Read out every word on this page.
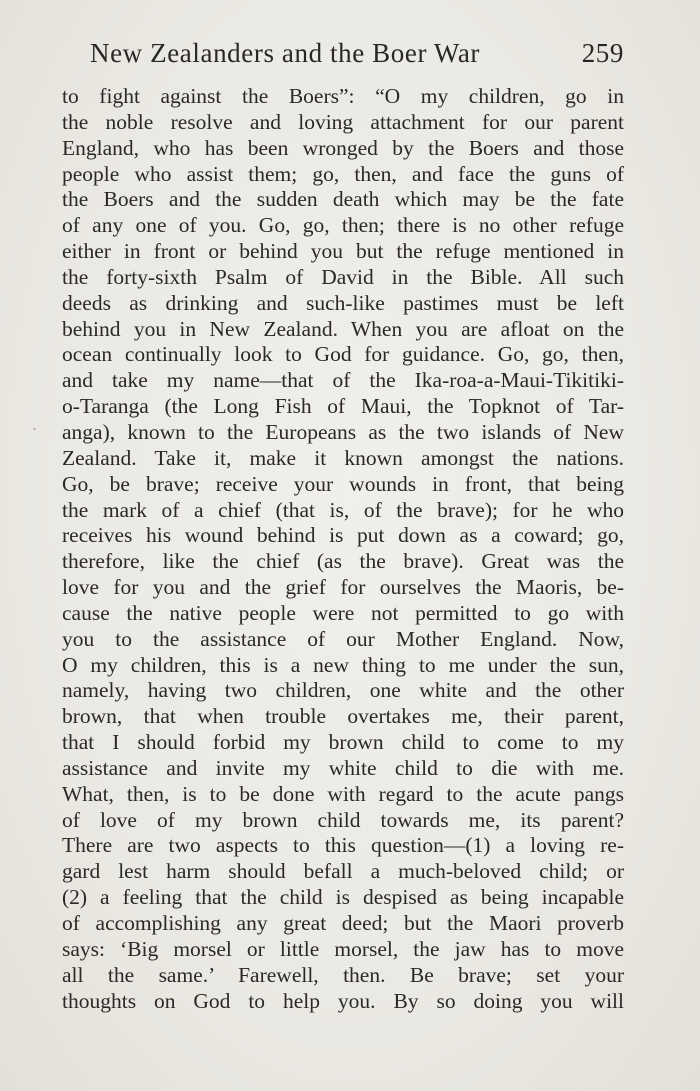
New Zealanders and the Boer War	259
to fight against the Boers”: “O my children, go in
the noble resolve and loving attachment for our parent
England, who has been wronged by the Boers and those
people who assist them; go, then, and face the guns of
the Boers and the sudden death which may be the fate
of any one of you. Go, go, then; there is no other refuge
either in front or behind you but the refuge mentioned in
the forty-sixth Psalm of David in the Bible. All such
deeds as drinking and such-like pastimes must be left
behind you in New Zealand. When you are afloat on the
ocean continually look to God for guidance. Go, go, then,
and take my name—that of the Ika-roa-a-Maui-Tikitiki-
o-Taranga (the Long Fish of Maui, the Topknot of Tar-
anga), known to the Europeans as the two islands of New
Zealand. Take it, make it known amongst the nations.
Go, be brave; receive your wounds in front, that being
the mark of a chief (that is, of the brave); for he who
receives his wound behind is put down as a coward; go,
therefore, like the chief (as the brave). Great was the
love for you and the grief for ourselves the Maoris, be-
cause the native people were not permitted to go with
you to the assistance of our Mother England. Now,
O my children, this is a new thing to me under the sun,
namely, having two children, one white and the other
brown, that when trouble overtakes me, their parent,
that I should forbid my brown child to come to my
assistance and invite my white child to die with me.
What, then, is to be done with regard to the acute pangs
of love of my brown child towards me, its parent?
There are two aspects to this question—(1) a loving re-
gard lest harm should befall a much-beloved child; or
(2) a feeling that the child is despised as being incapable
of accomplishing any great deed; but the Maori proverb
says: ‘Big morsel or little morsel, the jaw has to move
all the same.’ Farewell, then. Be brave; set your
thoughts on God to help you. By so doing you will
